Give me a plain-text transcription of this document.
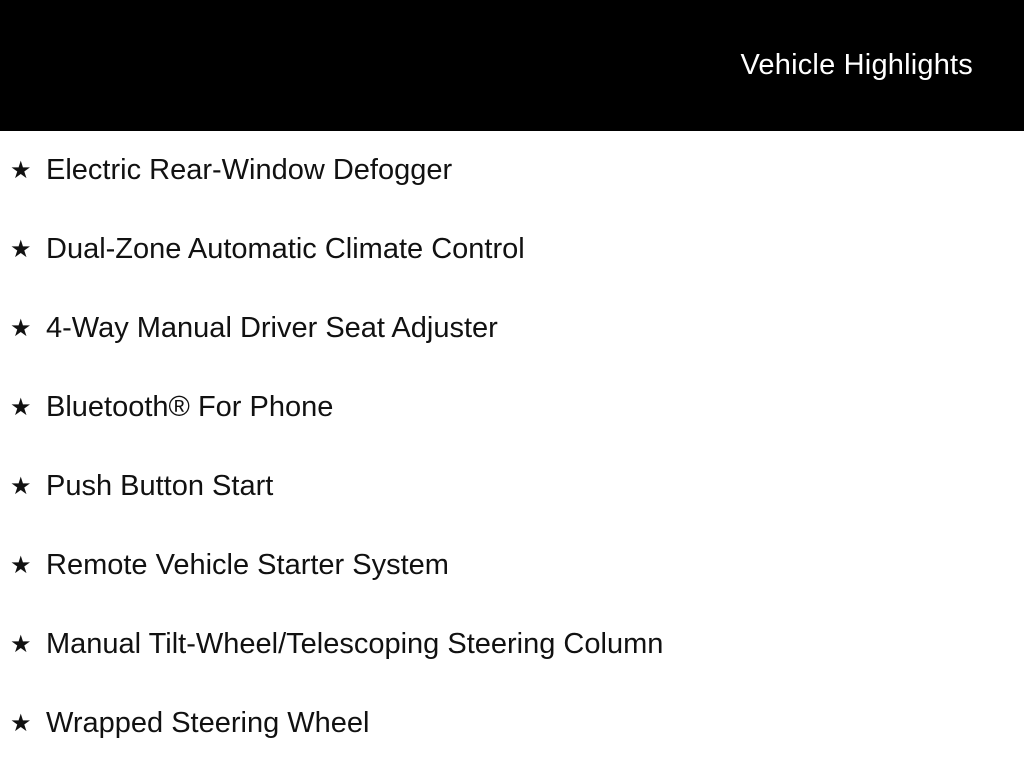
Vehicle Highlights
★ Electric Rear-Window Defogger
★ Dual-Zone Automatic Climate Control
★ 4-Way Manual Driver Seat Adjuster
★ Bluetooth® For Phone
★ Push Button Start
★ Remote Vehicle Starter System
★ Manual Tilt-Wheel/Telescoping Steering Column
★ Wrapped Steering Wheel
